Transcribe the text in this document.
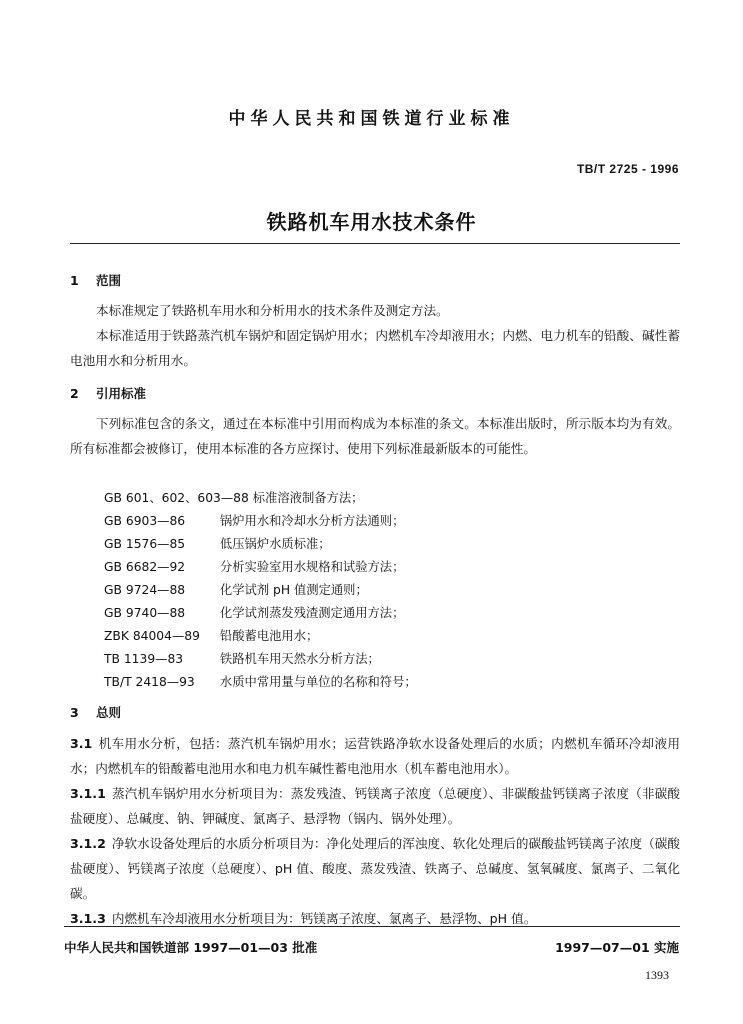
中华人民共和国铁道行业标准
TB/T 2725 - 1996
铁路机车用水技术条件
1 范围
本标准规定了铁路机车用水和分析用水的技术条件及测定方法。
本标准适用于铁路蒸汽机车锅炉和固定锅炉用水；内燃机车冷却液用水；内燃、电力机车的铅酸、碱性蓄电池用水和分析用水。
2 引用标准
下列标准包含的条文，通过在本标准中引用而构成为本标准的条文。本标准出版时，所示版本均为有效。所有标准都会被修订，使用本标准的各方应探讨、使用下列标准最新版本的可能性。
GB 601、602、603—88 标准溶液制备方法；
GB 6903—86	锅炉用水和冷却水分析方法通则；
GB 1576—85	低压锅炉水质标准；
GB 6682—92	分析实验室用水规格和试验方法；
GB 9724—88	化学试剂 pH 值测定通则；
GB 9740—88	化学试剂蒸发残渣测定通用方法；
ZBK 84004—89 铅酸蓄电池用水；
TB 1139—83	铁路机车用天然水分析方法；
TB/T 2418—93 水质中常用量与单位的名称和符号；
3 总则
3.1 机车用水分析，包括：蒸汽机车锅炉用水；运营铁路净软水设备处理后的水质；内燃机车循环冷却液用水；内燃机车的铅酸蓄电池用水和电力机车碱性蓄电池用水（机车蓄电池用水）。
3.1.1 蒸汽机车锅炉用水分析项目为：蒸发残渣、钙镁离子浓度（总硬度）、非碳酸盐钙镁离子浓度（非碳酸盐硬度）、总碱度、钠、钾碱度、氯离子、悬浮物（锅内、锅外处理）。
3.1.2 净软水设备处理后的水质分析项目为：净化处理后的浑浊度、软化处理后的碳酸盐钙镁离子浓度（碳酸盐硬度）、钙镁离子浓度（总硬度）、pH 值、酸度、蒸发残渣、铁离子、总碱度、氢氧碱度、氯离子、二氧化碳。
3.1.3 内燃机车冷却液用水分析项目为：钙镁离子浓度、氯离子、悬浮物、pH 值。
中华人民共和国铁道部 1997—01—03 批准	1997—07—01 实施
1393
